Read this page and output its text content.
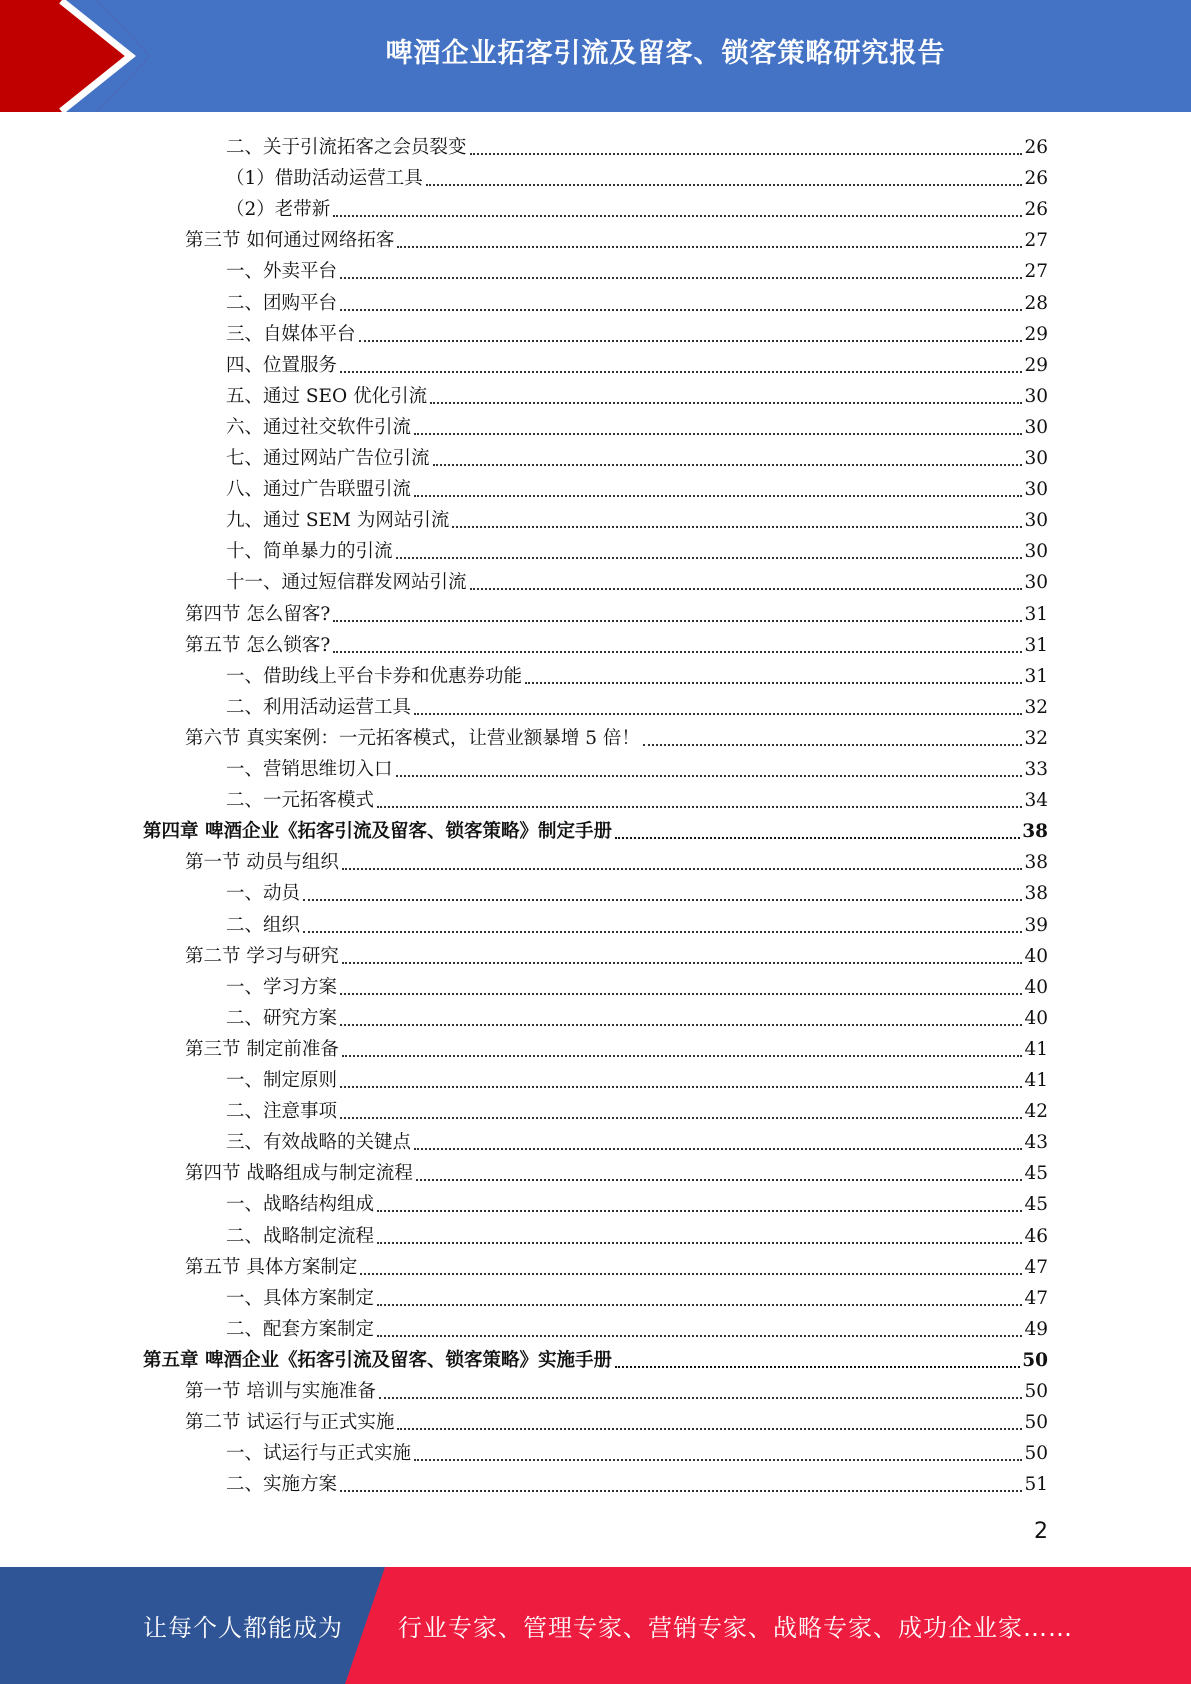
啤酒企业拓客引流及留客、锁客策略研究报告
二、关于引流拓客之会员裂变	26
（1）借助活动运营工具	26
（2）老带新	26
第三节 如何通过网络拓客	27
一、外卖平台	27
二、团购平台	28
三、自媒体平台	29
四、位置服务	29
五、通过 SEO 优化引流	30
六、通过社交软件引流	30
七、通过网站广告位引流	30
八、通过广告联盟引流	30
九、通过 SEM 为网站引流	30
十、简单暴力的引流	30
十一、通过短信群发网站引流	30
第四节 怎么留客?	31
第五节 怎么锁客?	31
一、借助线上平台卡券和优惠券功能	31
二、利用活动运营工具	32
第六节 真实案例：一元拓客模式，让营业额暴增 5 倍！	32
一、营销思维切入口	33
二、一元拓客模式	34
第四章 啤酒企业《拓客引流及留客、锁客策略》制定手册	38
第一节 动员与组织	38
一、动员	38
二、组织	39
第二节 学习与研究	40
一、学习方案	40
二、研究方案	40
第三节 制定前准备	41
一、制定原则	41
二、注意事项	42
三、有效战略的关键点	43
第四节 战略组成与制定流程	45
一、战略结构组成	45
二、战略制定流程	46
第五节 具体方案制定	47
一、具体方案制定	47
二、配套方案制定	49
第五章 啤酒企业《拓客引流及留客、锁客策略》实施手册	50
第一节 培训与实施准备	50
第二节 试运行与正式实施	50
一、试运行与正式实施	50
二、实施方案	51
2
让每个人都能成为 行业专家、管理专家、营销专家、战略专家、成功企业家……
